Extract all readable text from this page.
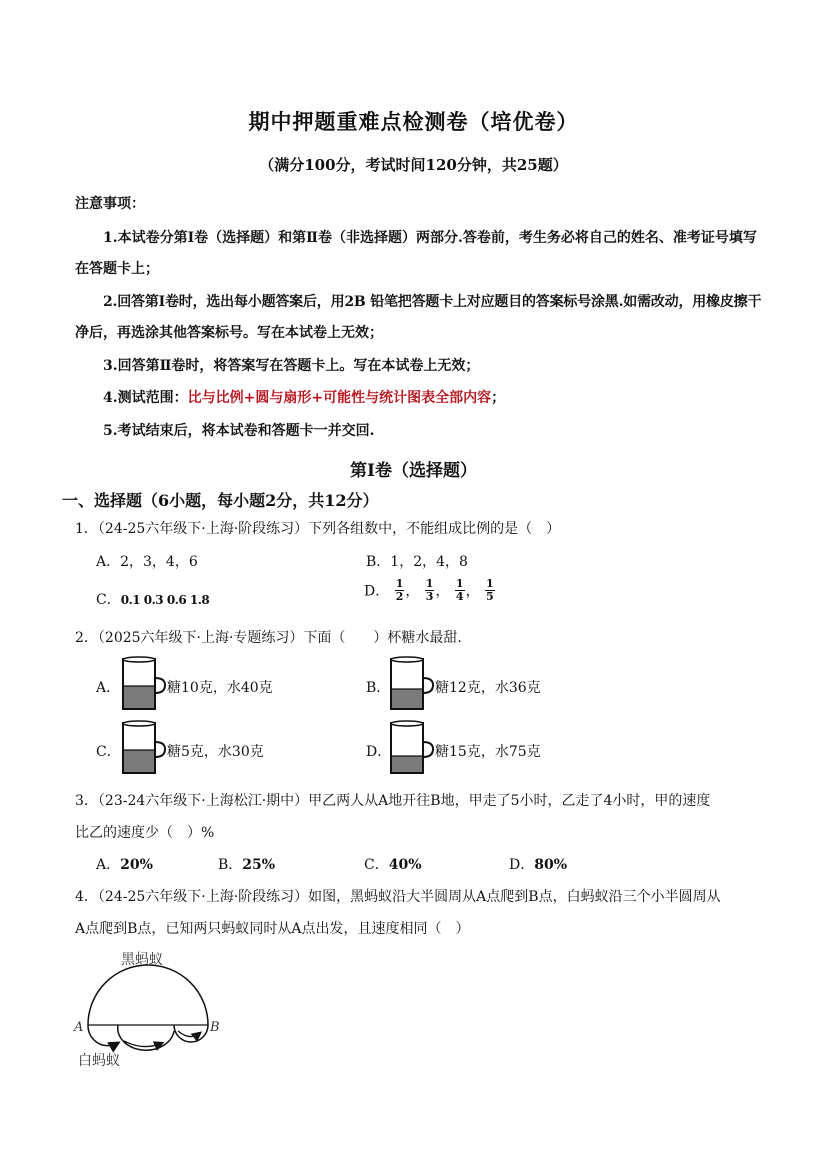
期中押题重难点检测卷（培优卷）
（满分100分，考试时间120分钟，共25题）
注意事项：
1.本试卷分第Ⅰ卷（选择题）和第Ⅱ卷（非选择题）两部分.答卷前，考生务必将自己的姓名、准考证号填写
在答题卡上；
2.回答第Ⅰ卷时，选出每小题答案后，用2B 铅笔把答题卡上对应题目的答案标号涂黑.如需改动，用橡皮擦干
净后，再选涂其他答案标号。写在本试卷上无效；
3.回答第Ⅱ卷时，将答案写在答题卡上。写在本试卷上无效；
4.测试范围：比与比例+圆与扇形+可能性与统计图表全部内容；
5.考试结束后，将本试卷和答题卡一并交回.
第Ⅰ卷（选择题）
一、选择题（6小题，每小题2分，共12分）
1．（24-25六年级下·上海·阶段练习）下列各组数中，不能组成比例的是（　）
A．2，3，4，6	B．1，2，4，8
C．0.1 0.3 0.6 1.8
D． $\frac{1}{2}$ ， $\frac{1}{3}$ ， $\frac{1}{4}$ ， $\frac{1}{5}$
2．（2025六年级下·上海·专题练习）下面（　　）杯糖水最甜.
A．	糖10克，水40克	B．	糖12克，水36克
C．	糖5克，水30克	D．	糖15克，水75克
3．（23-24六年级下·上海松江·期中）甲乙两人从A地开往B地，甲走了5小时，乙走了4小时，甲的速度
比乙的速度少（　）%
A．20%	B．25%	C．40%	D．80%
4．（24-25六年级下·上海·阶段练习）如图，黑蚂蚁沿大半圆周从A点爬到B点，白蚂蚁沿三个小半圆周从
A点爬到B点，已知两只蚂蚁同时从A点出发，且速度相同（　）
黑蚂蚁
A	B
白蚂蚁
